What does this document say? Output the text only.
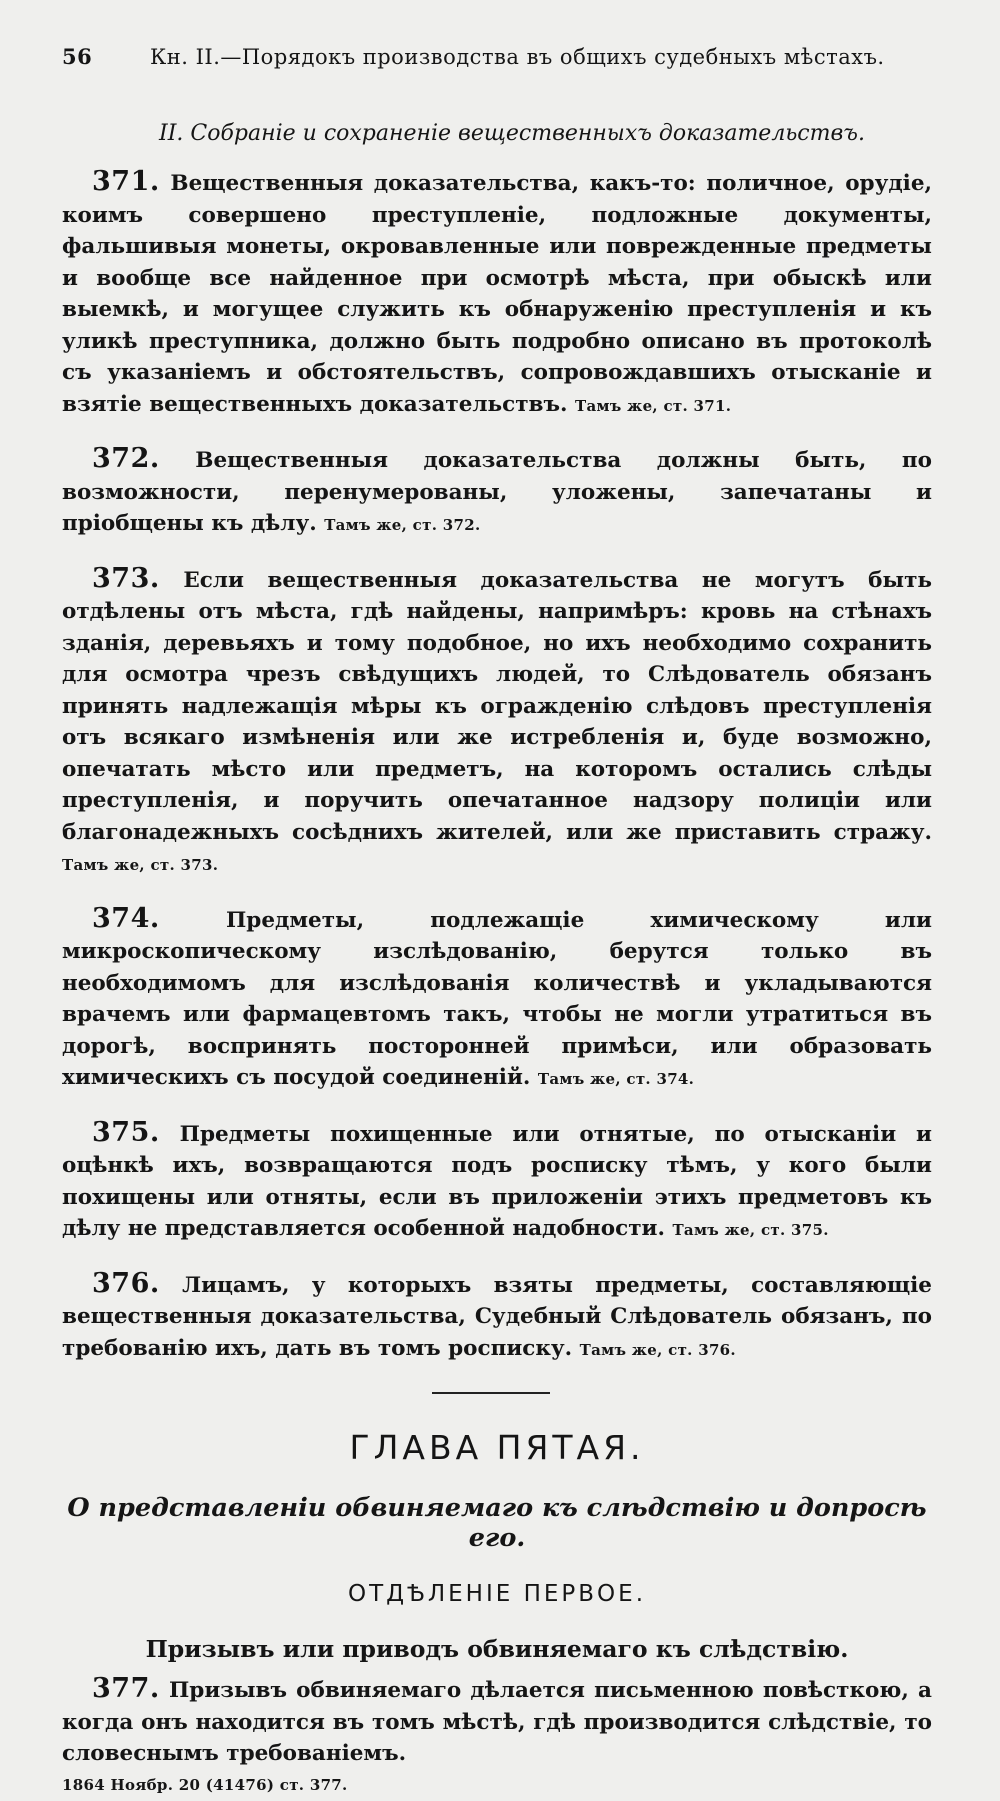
56	Кн. II.—Порядокъ производства въ общихъ судебныхъ мѣстахъ.
II. Собраніе и сохраненіе вещественныхъ доказательствъ.

371. Вещественныя доказательства, какъ-то: поличное, орудіе, коимъ совершено преступленіе, подложные документы, фальшивыя монеты, окровавленные или поврежденные предметы и вообще все найденное при осмотрѣ мѣста, при обыскѣ или выемкѣ, и могущее служить къ обнаруженію преступленія и къ уликѣ преступника, должно быть подробно описано въ протоколѣ съ указаніемъ и обстоятельствъ, сопровождавшихъ отысканіе и взятіе вещественныхъ доказательствъ. Тамъ же, ст. 371.

372. Вещественныя доказательства должны быть, по возможности, перенумерованы, уложены, запечатаны и пріобщены къ дѣлу. Тамъ же, ст. 372.

373. Если вещественныя доказательства не могутъ быть отдѣлены отъ мѣста, гдѣ найдены, напримѣръ: кровь на стѣнахъ зданія, деревьяхъ и тому подобное, но ихъ необходимо сохранить для осмотра чрезъ свѣдущихъ людей, то Слѣдователь обязанъ принять надлежащія мѣры къ огражденію слѣдовъ преступленія отъ всякаго измѣненія или же истребленія и, буде возможно, опечатать мѣсто или предметъ, на которомъ остались слѣды преступленія, и поручить опечатанное надзору полиціи или благонадежныхъ сосѣднихъ жителей, или же приставить стражу. Тамъ же, ст. 373.

374.	Предметы, подлежащіе химическому или микроскопическому изслѣдованію, берутся только въ необходимомъ для изслѣдованія количествѣ и укладываются врачемъ или фармацевтомъ такъ, чтобы не могли утратиться въ дорогѣ, воспринять посторонней примѣси, или образовать химическихъ съ посудой соединеній. Тамъ же, ст. 374.

375. Предметы похищенные или отнятые, по отысканіи и оцѣнкѣ ихъ, возвращаются подъ росписку тѣмъ, у кого были похищены или отняты, если въ приложеніи этихъ предметовъ къ дѣлу не представляется особенной надобности. Тамъ же, ст. 375.

376. Лицамъ, у которыхъ взяты предметы, составляющіе вещественныя доказательства, Судебный Слѣдователь обязанъ, по требованію ихъ, дать въ томъ росписку. Тамъ же, ст. 376.

ГЛАВА ПЯТАЯ.
О представленіи обвиняемаго къ слѣдствію и допросѣ его.
ОТДѢЛЕНІЕ ПЕРВОЕ.
Призывъ или приводъ обвиняемаго къ слѣдствію.

377. Призывъ обвиняемаго дѣлается письменною повѣсткою, а когда онъ находится въ томъ мѣстѣ, гдѣ производится слѣдствіе, то словеснымъ требованіемъ.
1864 Ноябр. 20 (41476) ст. 377.
